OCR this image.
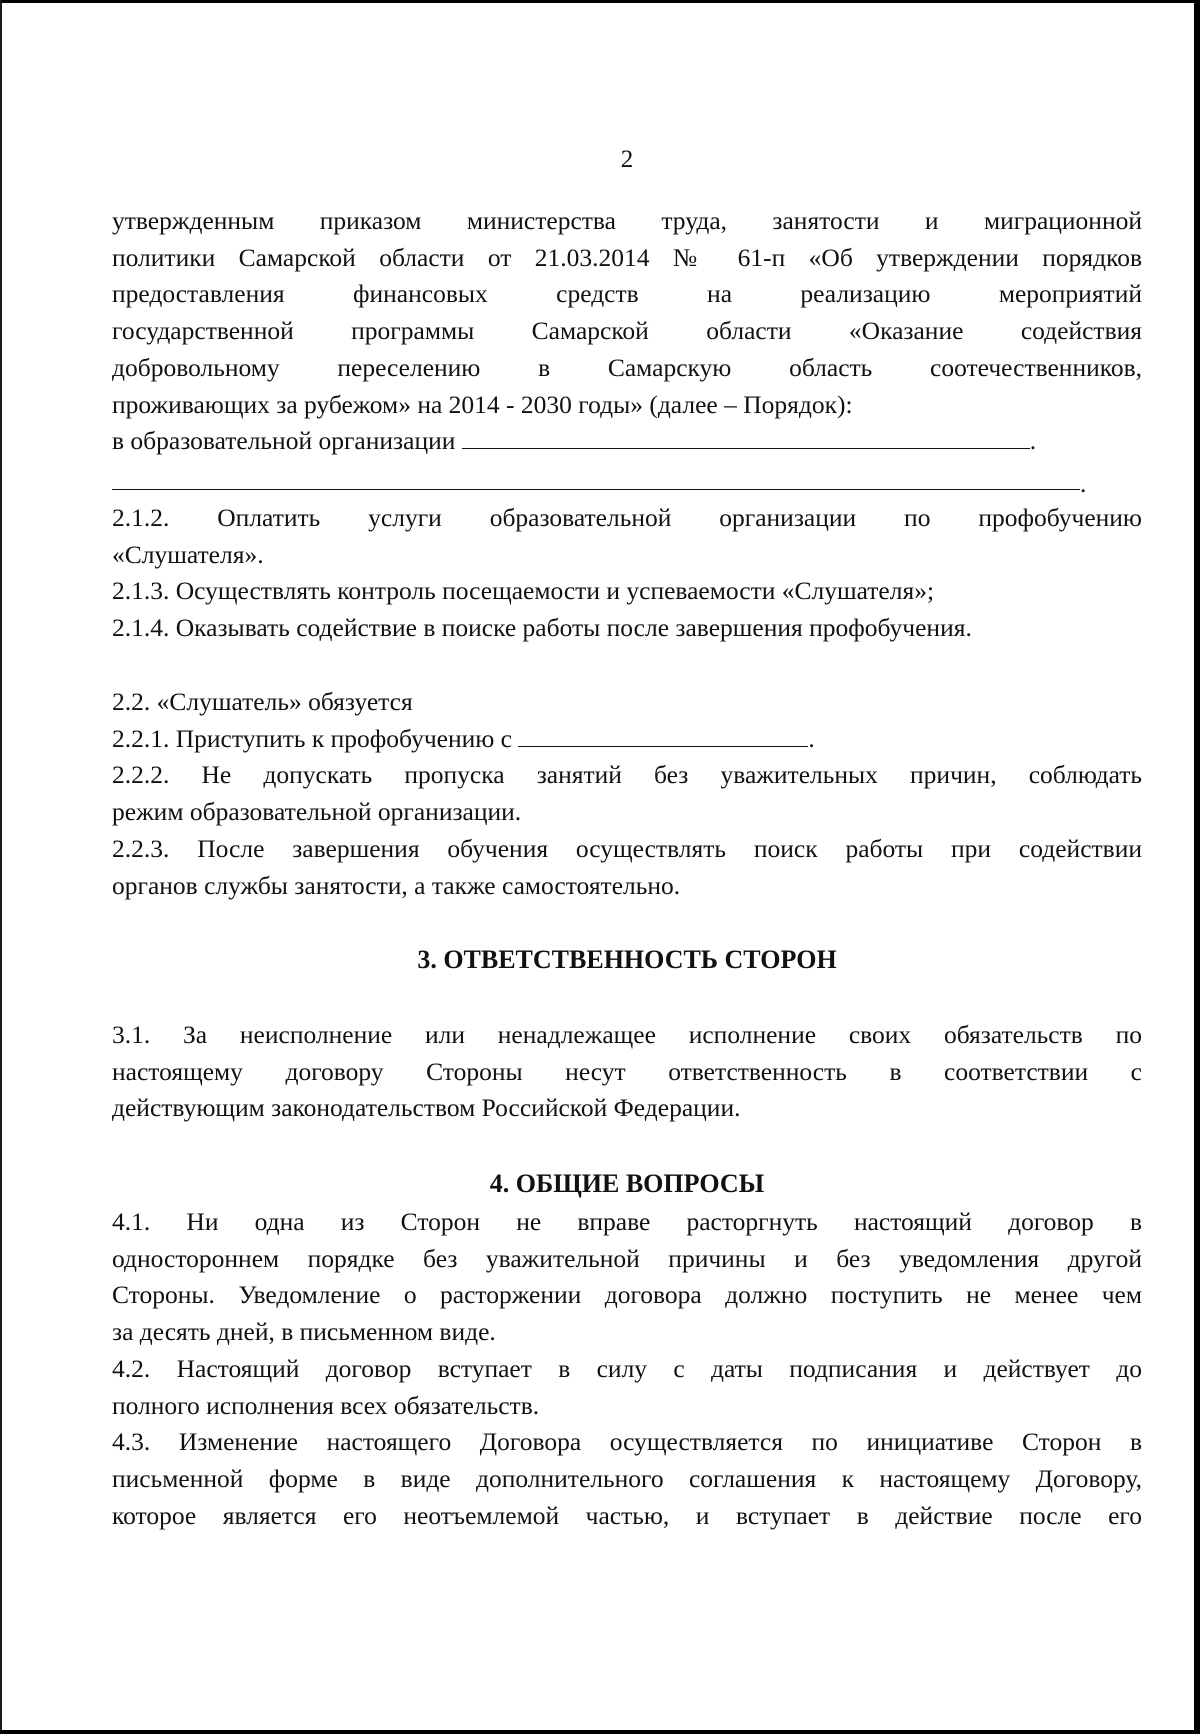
2

утвержденным приказом министерства труда, занятости и миграционной

политики Самарской области от 21.03.2014 № 61-п «Об утверждении порядков

предоставления финансовых средств на реализацию мероприятий

государственной программы Самарской области «Оказание содействия

добровольному переселению в Самарскую область соотечественников,

проживающих за рубежом» на 2014 - 2030 годы» (далее – Порядок):

в образовательной организации	.

.

2.1.2. Оплатить услуги образовательной организации по профобучению

«Слушателя».

2.1.3. Осуществлять контроль посещаемости и успеваемости «Слушателя»;

2.1.4. Оказывать содействие в поиске работы после завершения профобучения.

2.2. «Слушатель» обязуется

2.2.1. Приступить к профобучению с	.

2.2.2. Не допускать пропуска занятий без уважительных причин, соблюдать

режим образовательной организации.

2.2.3. После завершения обучения осуществлять поиск работы при содействии

органов службы занятости, а также самостоятельно.

3. ОТВЕТСТВЕННОСТЬ СТОРОН

3.1. За неисполнение или ненадлежащее исполнение своих обязательств по

настоящему договору Стороны несут ответственность в соответствии с

действующим законодательством Российской Федерации.

4. ОБЩИЕ ВОПРОСЫ

4.1. Ни одна из Сторон не вправе расторгнуть настоящий договор в

одностороннем порядке без уважительной причины и без уведомления другой

Стороны. Уведомление о расторжении договора должно поступить не менее чем

за десять дней, в письменном виде.

4.2. Настоящий договор вступает в силу с даты подписания и действует до

полного исполнения всех обязательств.

4.3. Изменение настоящего Договора осуществляется по инициативе Сторон в

письменной форме в виде дополнительного соглашения к настоящему Договору,

которое является его неотъемлемой частью, и вступает в действие после его
